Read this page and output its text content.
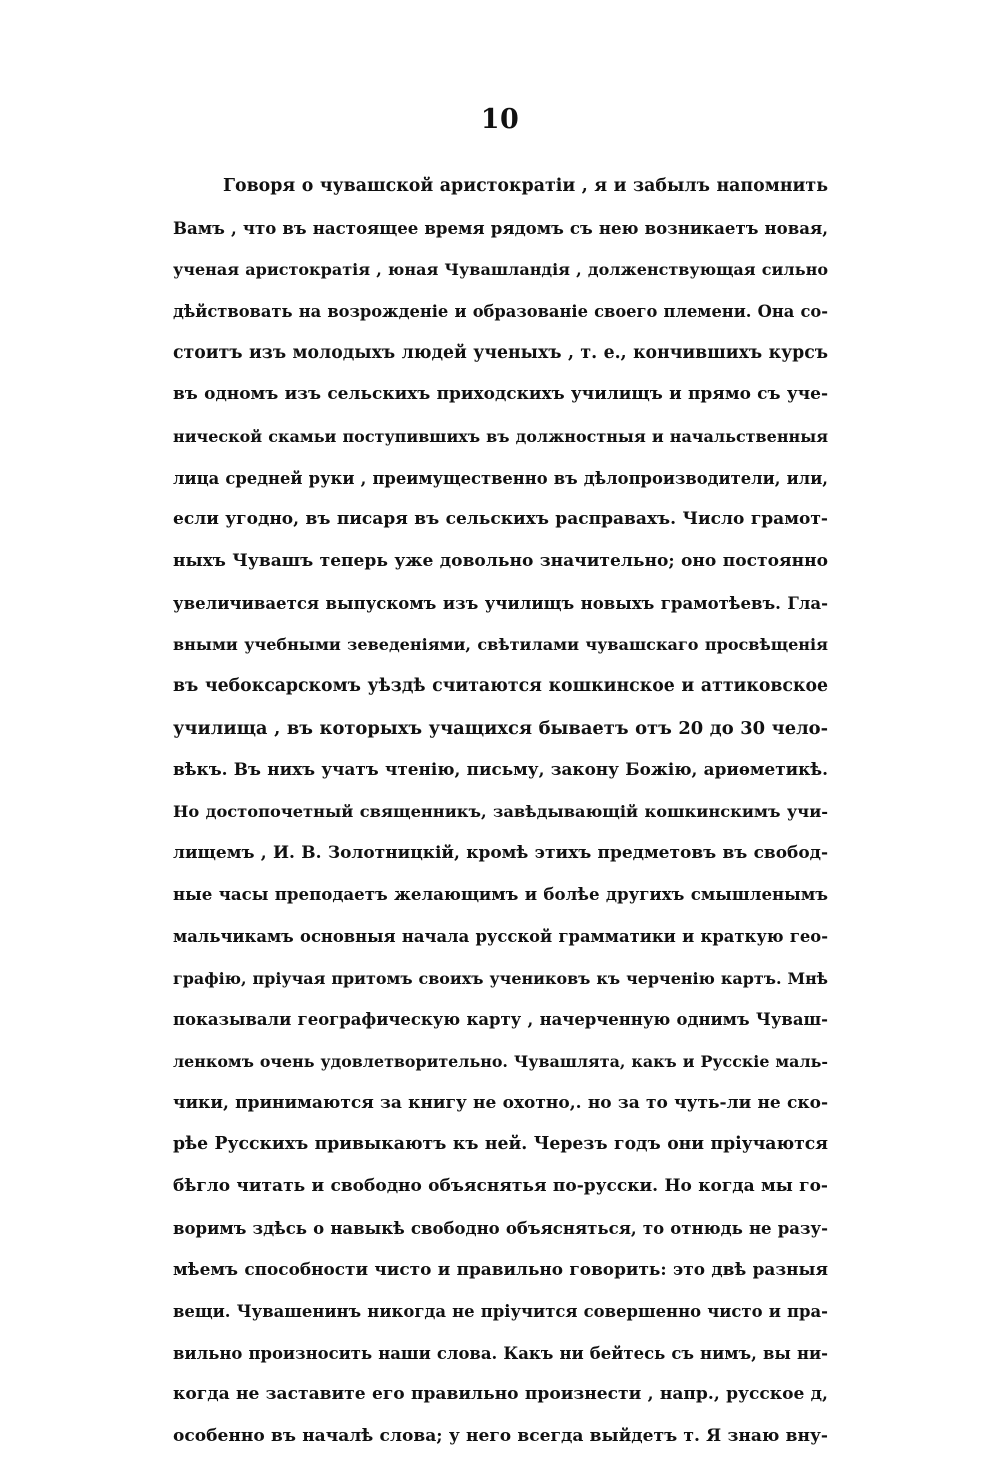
10
Говоря о чувашской аристократіи , я и забылъ напомнить
Вамъ , что въ настоящее время рядомъ съ нею возникаетъ новая,
ученая аристократія , юная Чувашландія , долженствующая сильно
дѣйствовать на возрожденіе и образованіе своего племени. Она со-
стоитъ изъ молодыхъ людей ученыхъ , т. е., кончившихъ курсъ
въ одномъ изъ сельскихъ приходскихъ училищъ и прямо съ уче-
нической скамьи поступившихъ въ должностныя и начальственныя
лица средней руки , преимущественно въ дѣлопроизводители, или,
если угодно, въ писаря въ сельскихъ расправахъ. Число грамот-
ныхъ Чувашъ теперь уже довольно значительно; оно постоянно
увеличивается выпускомъ изъ училищъ новыхъ грамотѣевъ. Гла-
вными учебными зеведеніями, свѣтилами чувашскаго просвѣщенія
въ чебоксарскомъ уѣздѣ считаются кошкинское и аттиковское
училища , въ которыхъ учащихся бываетъ отъ 20 до 30 чело-
вѣкъ. Въ нихъ учатъ чтенію, письму, закону Божію, ариѳметикѣ.
Но достопочетный священникъ, завѣдывающій кошкинскимъ учи-
лищемъ , И. В. Золотницкій, кромѣ этихъ предметовъ въ свобод-
ные часы преподаетъ желающимъ и болѣе другихъ смышленымъ
мальчикамъ основныя начала русской грамматики и краткую гео-
графію, пріучая притомъ своихъ учениковъ къ черченію картъ. Мнѣ
показывали географическую карту , начерченную однимъ Чуваш-
ленкомъ очень удовлетворительно. Чувашлята, какъ и Русскіе маль-
чики, принимаются за книгу не охотно,. но за то чуть-ли не ско-
рѣе Русскихъ привыкаютъ къ ней. Черезъ годъ они пріучаются
бѣгло читать и свободно объяснятья по-русски. Но когда мы го-
воримъ здѣсь о навыкѣ свободно объясняться, то отнюдь не разу-
мѣемъ способности чисто и правильно говорить: это двѣ разныя
вещи. Чувашенинъ никогда не пріучится совершенно чисто и пра-
вильно произносить наши слова. Какъ ни бейтесь съ нимъ, вы ни-
когда не заставите его правильно произнести , напр., русское д,
особенно въ началѣ слова; у него всегда выйдетъ т. Я знаю вну-
